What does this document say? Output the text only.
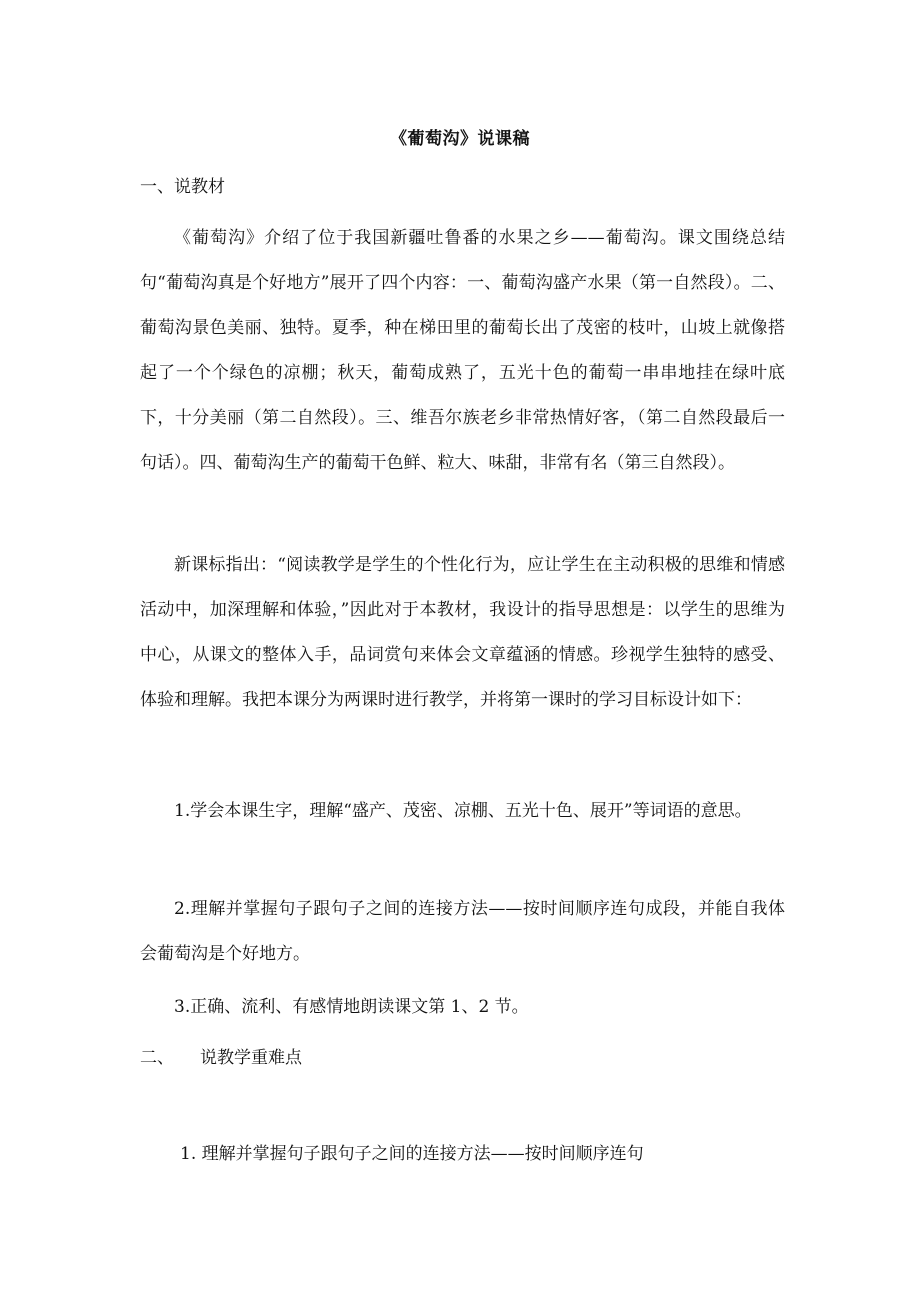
《葡萄沟》说课稿
一、说教材

《葡萄沟》介绍了位于我国新疆吐鲁番的水果之乡——葡萄沟。课文围绕总结句“葡萄沟真是个好地方”展开了四个内容：一、葡萄沟盛产水果（第一自然段）。二、葡萄沟景色美丽、独特。夏季，种在梯田里的葡萄长出了茂密的枝叶，山坡上就像搭起了一个个绿色的凉棚；秋天，葡萄成熟了，五光十色的葡萄一串串地挂在绿叶底下，十分美丽（第二自然段）。三、维吾尔族老乡非常热情好客，（第二自然段最后一句话）。四、葡萄沟生产的葡萄干色鲜、粒大、味甜，非常有名（第三自然段）。

新课标指出：“阅读教学是学生的个性化行为，应让学生在主动积极的思维和情感活动中，加深理解和体验，”因此对于本教材，我设计的指导思想是：以学生的思维为中心，从课文的整体入手，品词赏句来体会文章蕴涵的情感。珍视学生独特的感受、体验和理解。我把本课分为两课时进行教学，并将第一课时的学习目标设计如下：

1.学会本课生字，理解“盛产、茂密、凉棚、五光十色、展开”等词语的意思。

2.理解并掌握句子跟句子之间的连接方法——按时间顺序连句成段，并能自我体会葡萄沟是个好地方。

3.正确、流利、有感情地朗读课文第 1、2 节。

二、 说教学重难点
1. 理解并掌握句子跟句子之间的连接方法——按时间顺序连句
